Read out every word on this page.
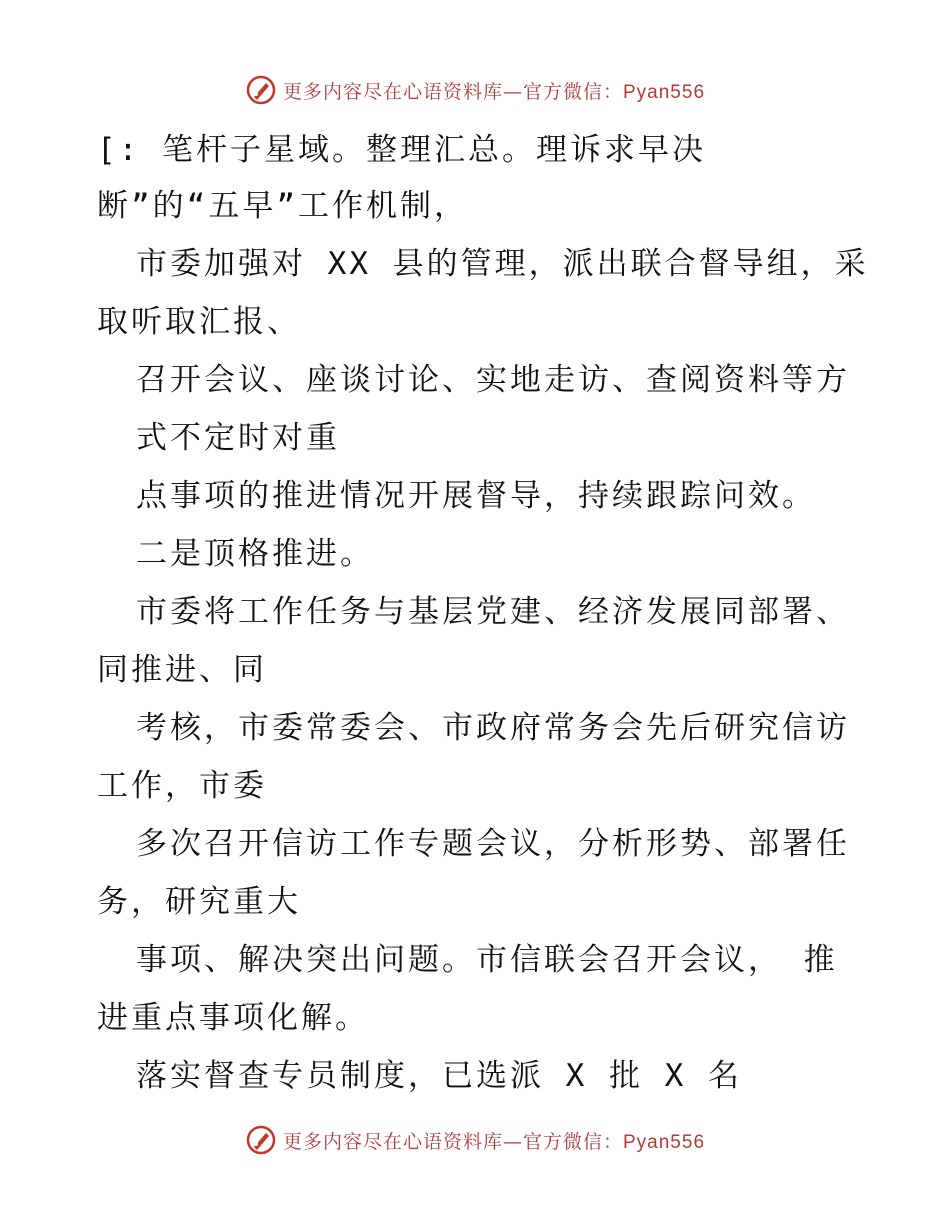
更多内容尽在心语资料库—官方微信：Pyan556
[: 笔杆子星域。整理汇总。理诉求早决
断”的“五早”工作机制，
市委加强对 XX 县的管理，派出联合督导组，采
取听取汇报、
召开会议、座谈讨论、实地走访、查阅资料等方
式不定时对重
点事项的推进情况开展督导，持续跟踪问效。
二是顶格推进。
市委将工作任务与基层党建、经济发展同部署、
同推进、同
考核，市委常委会、市政府常务会先后研究信访
工作，市委
多次召开信访工作专题会议，分析形势、部署任
务，研究重大
事项、解决突出问题。市信联会召开会议， 推
进重点事项化解。
落实督查专员制度，已选派 X 批 X 名
更多内容尽在心语资料库—官方微信：Pyan556
